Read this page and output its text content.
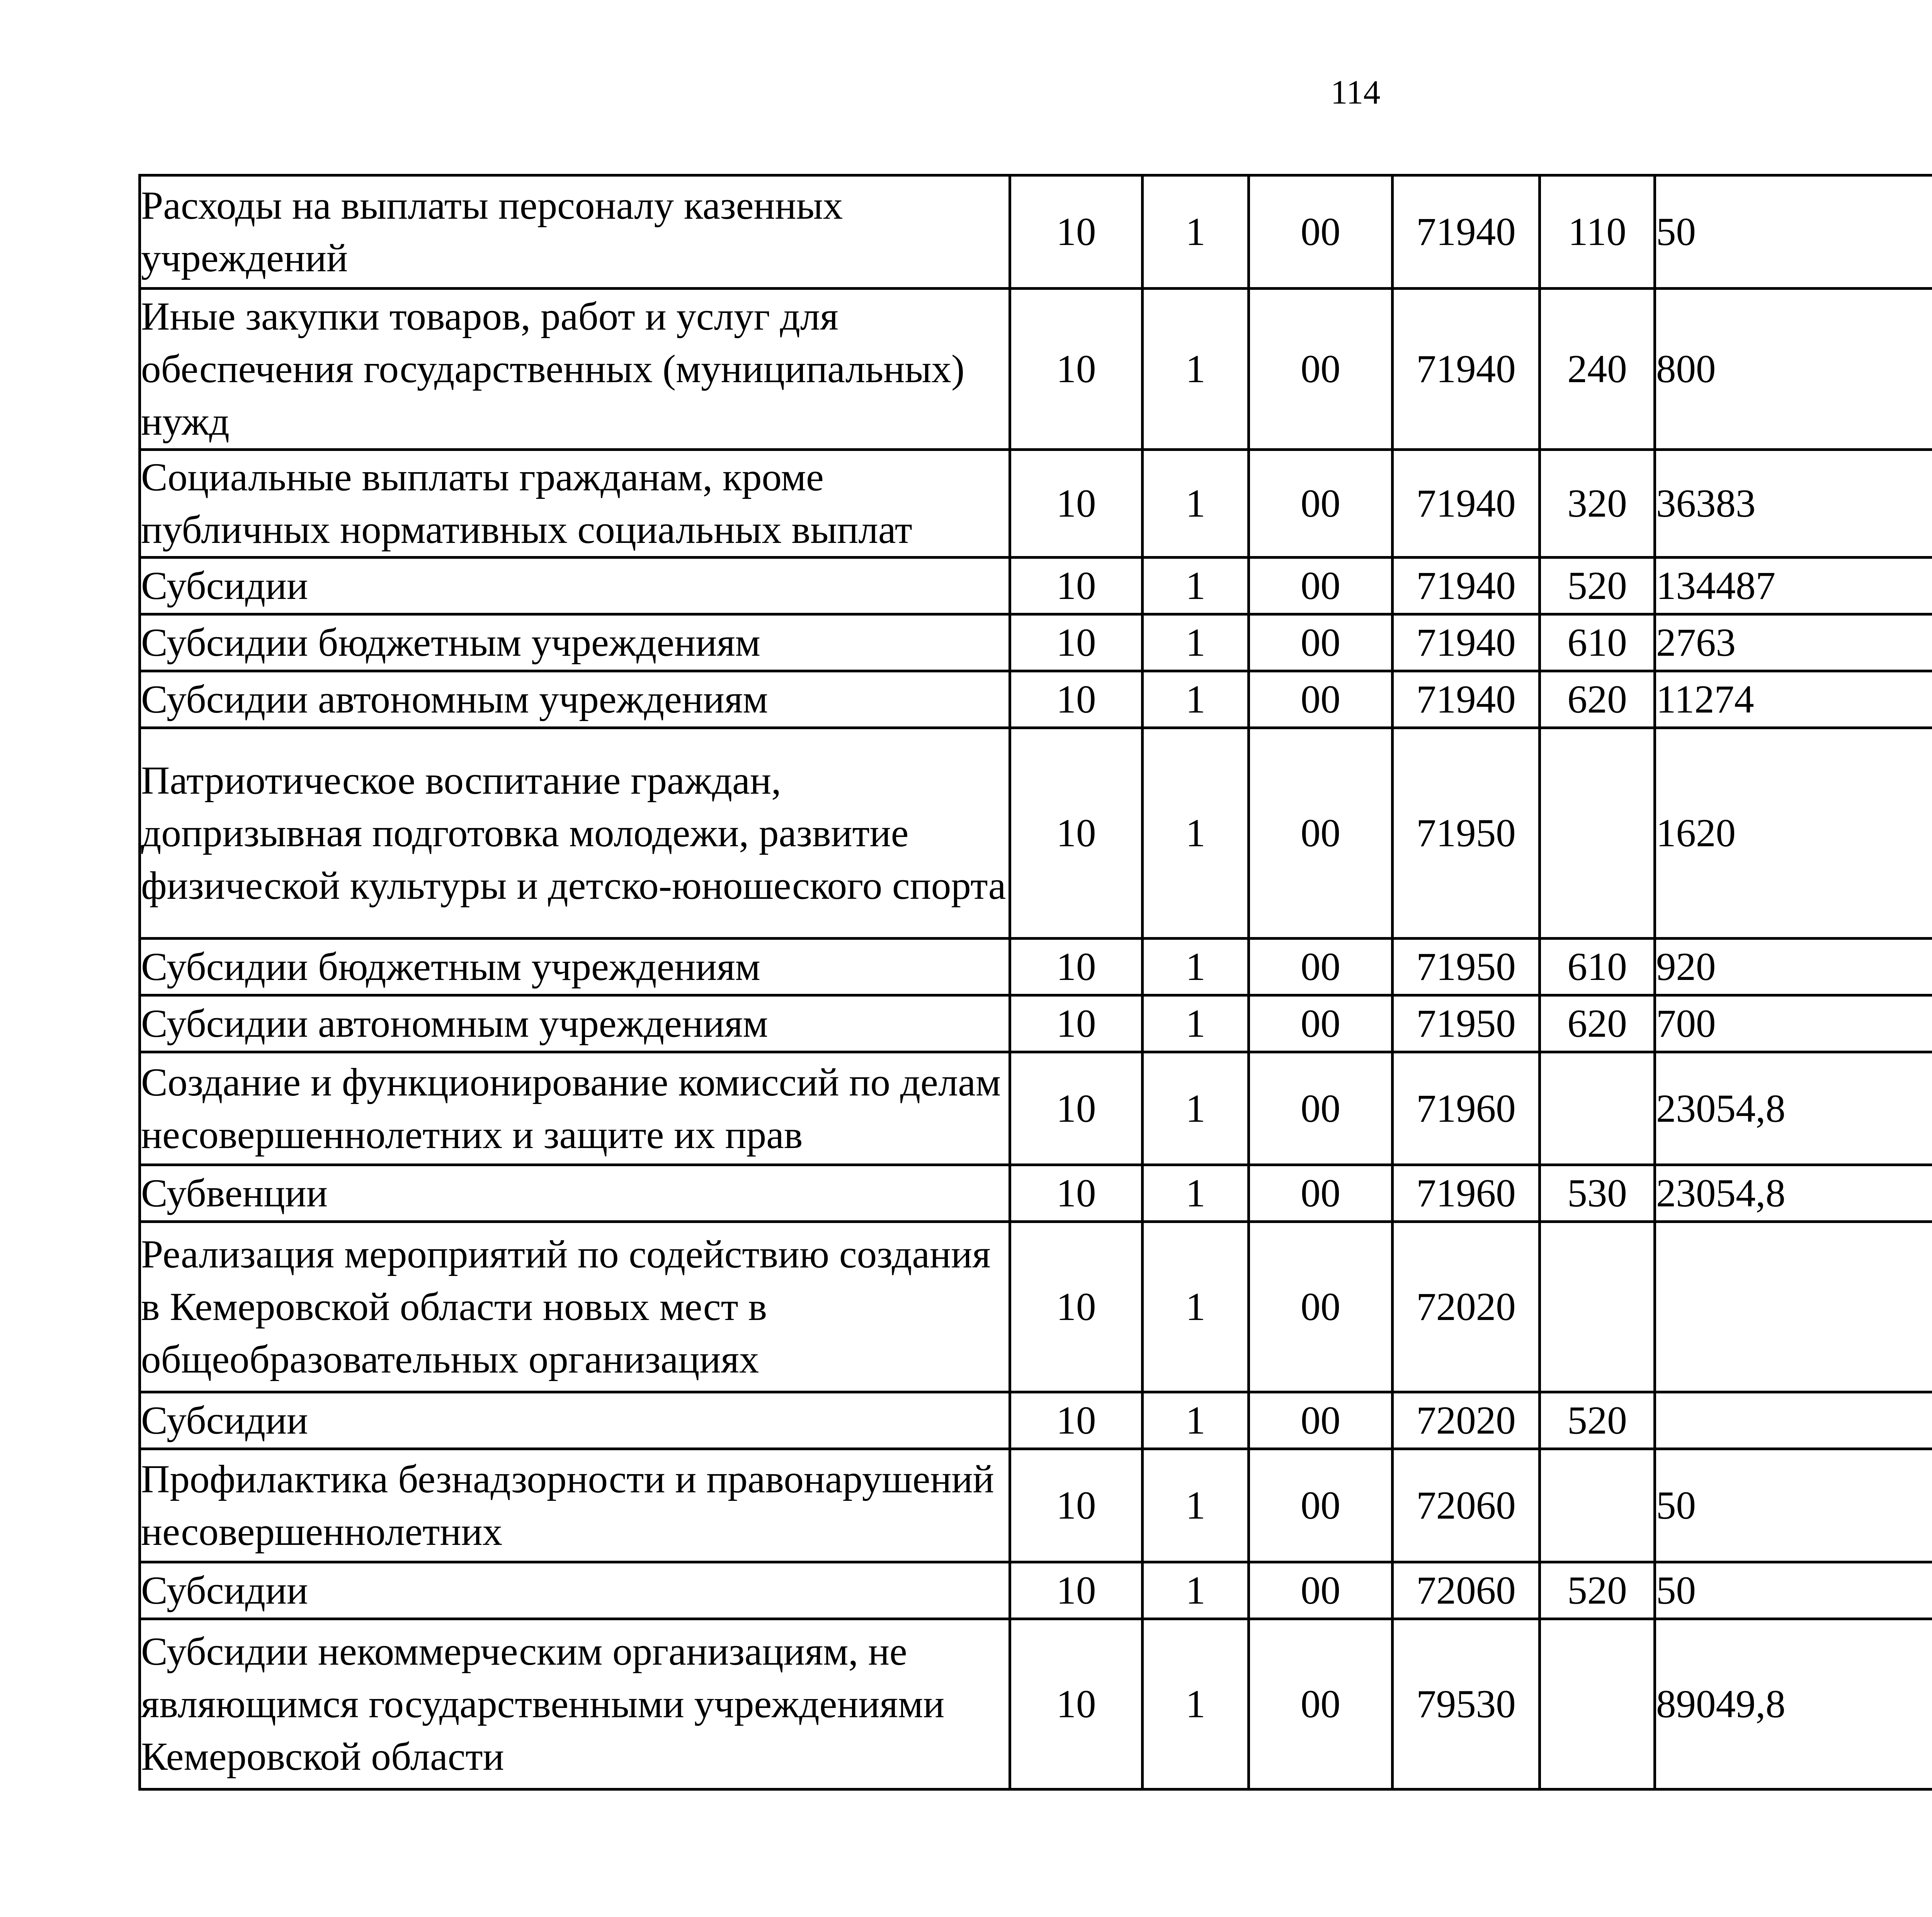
114
Расходы на выплаты персоналу казенных учреждений	10	1	00	71940	110	50		
Иные закупки товаров, работ и услуг для обеспечения государственных (муниципальных) нужд	10	1	00	71940	240	800		
Социальные выплаты гражданам, кроме публичных нормативных социальных выплат	10	1	00	71940	320	36383		
Субсидии	10	1	00	71940	520	134487		
Субсидии бюджетным учреждениям	10	1	00	71940	610	2763		
Субсидии автономным учреждениям	10	1	00	71940	620	11274		
Патриотическое воспитание граждан, допризывная подготовка молодежи, развитие физической культуры и детско-юношеского спорта	10	1	00	71950		1620		
Субсидии бюджетным учреждениям	10	1	00	71950	610	920		
Субсидии автономным учреждениям	10	1	00	71950	620	700		
Создание и функционирование комиссий по делам несовершеннолетних и защите их прав	10	1	00	71960		23054,8		
Субвенции	10	1	00	71960	530	23054,8		
Реализация мероприятий по содействию создания в Кемеровской области новых мест в общеобразовательных организациях	10	1	00	72020				
Субсидии	10	1	00	72020	520			
Профилактика безнадзорности и правонарушений несовершеннолетних	10	1	00	72060		50		
Субсидии	10	1	00	72060	520	50		
Субсидии некоммерческим организациям, не являющимся государственными учреждениями Кемеровской области	10	1	00	79530		89049,8		
